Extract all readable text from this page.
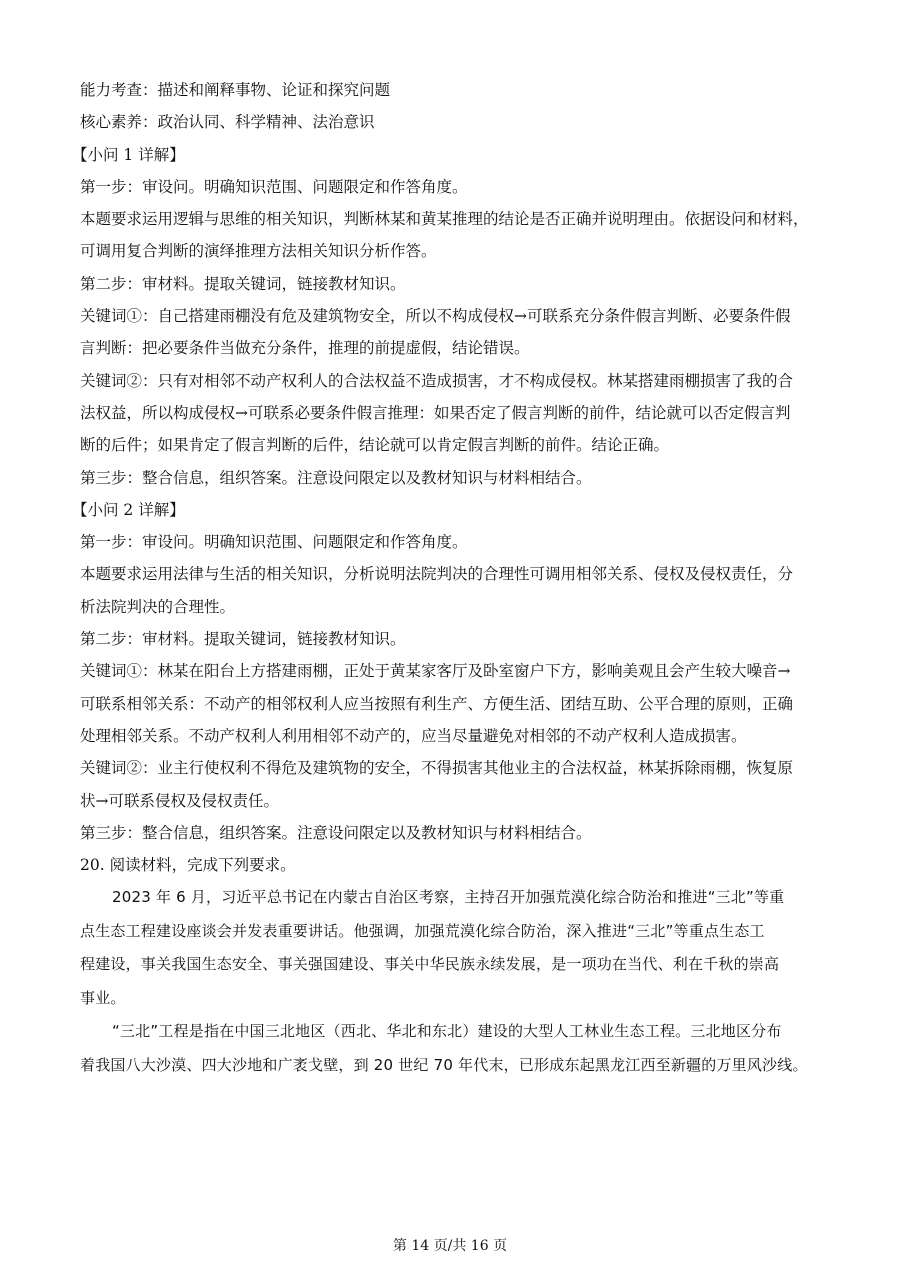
能力考查：描述和阐释事物、论证和探究问题
核心素养：政治认同、科学精神、法治意识
【小问 1 详解】
第一步：审设问。明确知识范围、问题限定和作答角度。
本题要求运用逻辑与思维的相关知识，判断林某和黄某推理的结论是否正确并说明理由。依据设问和材料，
可调用复合判断的演绎推理方法相关知识分析作答。
第二步：审材料。提取关键词，链接教材知识。
关键词①：自己搭建雨棚没有危及建筑物安全，所以不构成侵权→可联系充分条件假言判断、必要条件假
言判断：把必要条件当做充分条件，推理的前提虚假，结论错误。
关键词②：只有对相邻不动产权利人的合法权益不造成损害，才不构成侵权。林某搭建雨棚损害了我的合
法权益，所以构成侵权→可联系必要条件假言推理：如果否定了假言判断的前件，结论就可以否定假言判
断的后件；如果肯定了假言判断的后件，结论就可以肯定假言判断的前件。结论正确。
第三步：整合信息，组织答案。注意设问限定以及教材知识与材料相结合。
【小问 2 详解】
第一步：审设问。明确知识范围、问题限定和作答角度。
本题要求运用法律与生活的相关知识，分析说明法院判决的合理性可调用相邻关系、侵权及侵权责任，分
析法院判决的合理性。
第二步：审材料。提取关键词，链接教材知识。
关键词①：林某在阳台上方搭建雨棚，正处于黄某家客厅及卧室窗户下方，影响美观且会产生较大噪音→
可联系相邻关系：不动产的相邻权利人应当按照有利生产、方便生活、团结互助、公平合理的原则，正确
处理相邻关系。不动产权利人利用相邻不动产的，应当尽量避免对相邻的不动产权利人造成损害。
关键词②：业主行使权利不得危及建筑物的安全，不得损害其他业主的合法权益，林某拆除雨棚，恢复原
状→可联系侵权及侵权责任。
第三步：整合信息，组织答案。注意设问限定以及教材知识与材料相结合。
20. 阅读材料，完成下列要求。
2023 年 6 月，习近平总书记在内蒙古自治区考察，主持召开加强荒漠化综合防治和推进“三北”等重
点生态工程建设座谈会并发表重要讲话。他强调，加强荒漠化综合防治，深入推进“三北”等重点生态工
程建设，事关我国生态安全、事关强国建设、事关中华民族永续发展，是一项功在当代、利在千秋的崇高
事业。
“三北”工程是指在中国三北地区（西北、华北和东北）建设的大型人工林业生态工程。三北地区分布
着我国八大沙漠、四大沙地和广袤戈壁，到 20 世纪 70 年代末，已形成东起黑龙江西至新疆的万里风沙线。
第 14 页/共 16 页
